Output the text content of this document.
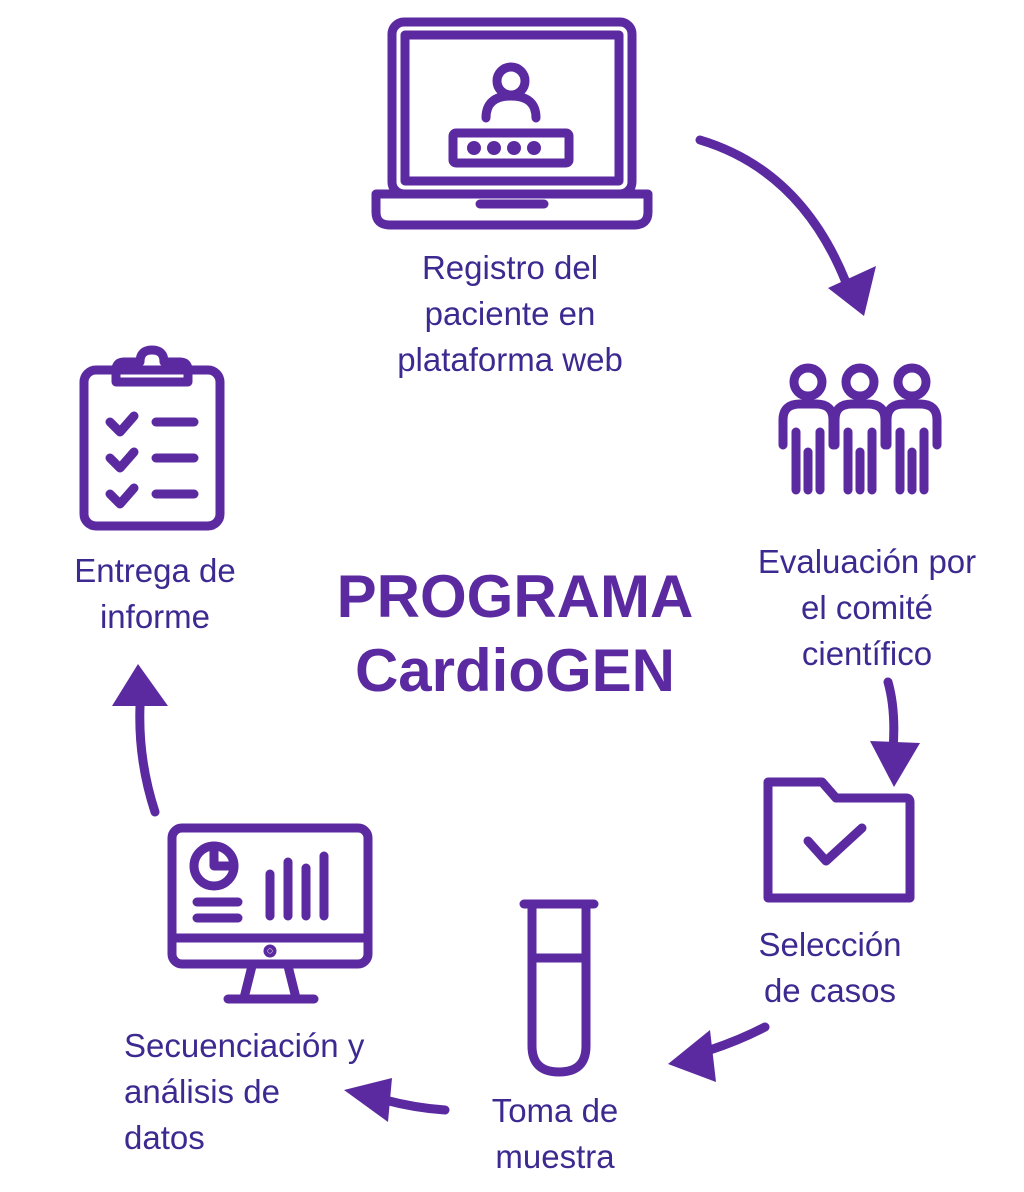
Registro del
paciente en
plataforma web
Evaluación por
el comité
científico
Selección
de casos
Toma de
muestra
Secuenciación y
análisis de
datos
Entrega de
informe	PROGRAMA
CardioGEN
